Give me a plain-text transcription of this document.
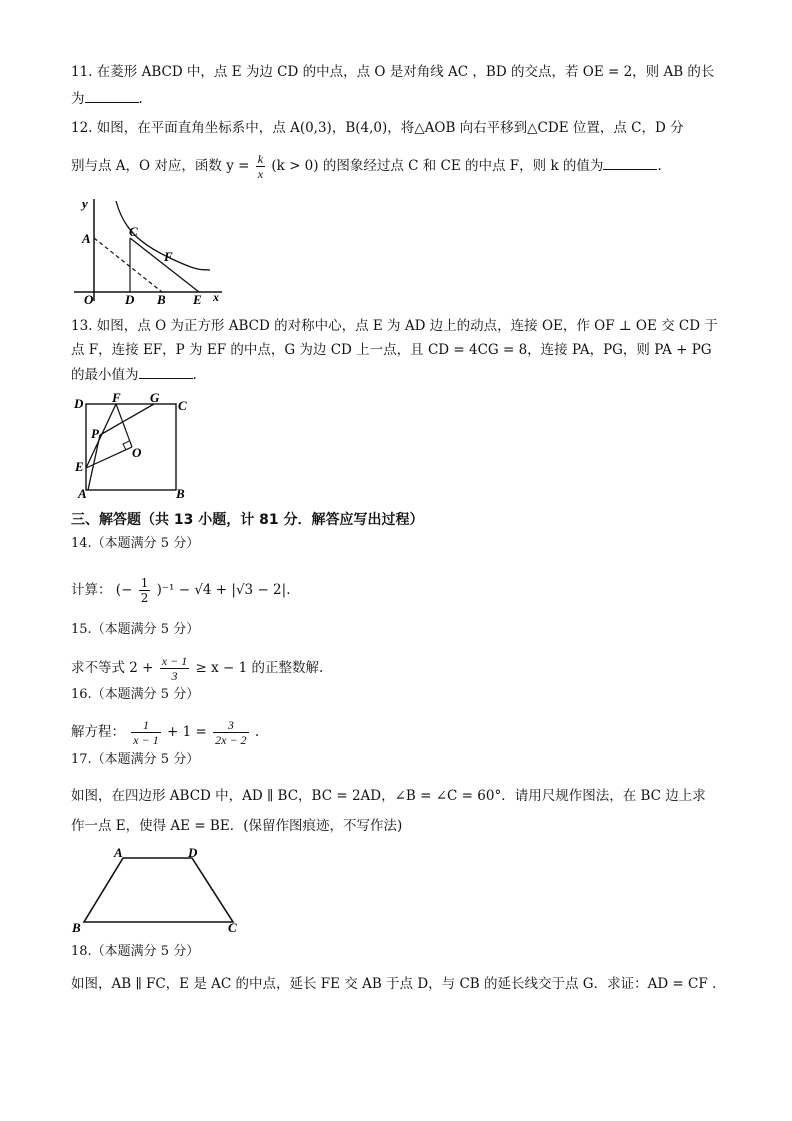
11. 在菱形 ABCD 中，点 E 为边 CD 的中点，点 O 是对角线 AC ，BD 的交点，若 OE = 2，则 AB 的长
为	.
12. 如图，在平面直角坐标系中，点 A(0,3)，B(4,0)，将△AOB 向右平移到△CDE 位置，点 C，D 分
别与点 A，O 对应，函数 $y = \frac{k}{x} (k > 0)$ 的图象经过点 C 和 CE 的中点 F，则 k 的值为	.
y
A	C
F
O D B E x
13. 如图，点 O 为正方形 ABCD 的对称中心，点 E 为 AD 边上的动点，连接 OE，作 OF ⊥ OE 交 CD 于
点 F，连接 EF，P 为 EF 的中点，G 为边 CD 上一点，且 CD = 4CG = 8，连接 PA，PG，则 PA + PG
的最小值为	.
D F G
C
P
O
E
A	B
三、解答题（共 13 小题，计 81 分．解答应写出过程）
14.（本题满分 5 分）
计算： (− $\frac{1}{2} )^{-1} - √4 + |√3 - 2|$.
15.（本题满分 5 分）
求不等式 $2 + \frac{x - 1}{3} \ge x - 1$ 的正整数解.
16.（本题满分 5 分）
解方程： $\frac{1}{x - 1} + 1 = \frac{3}{2x - 2}$ .
17.（本题满分 5 分）
如图，在四边形 ABCD 中，AD ∥ BC，BC = 2AD，∠B = ∠C = 60°．请用尺规作图法，在 BC 边上求
作一点 E，使得 AE = BE．(保留作图痕迹，不写作法)
A	D
B	C
18.（本题满分 5 分）
如图，AB ∥ FC，E 是 AC 的中点，延长 FE 交 AB 于点 D，与 CB 的延长线交于点 G．求证：AD = CF .
